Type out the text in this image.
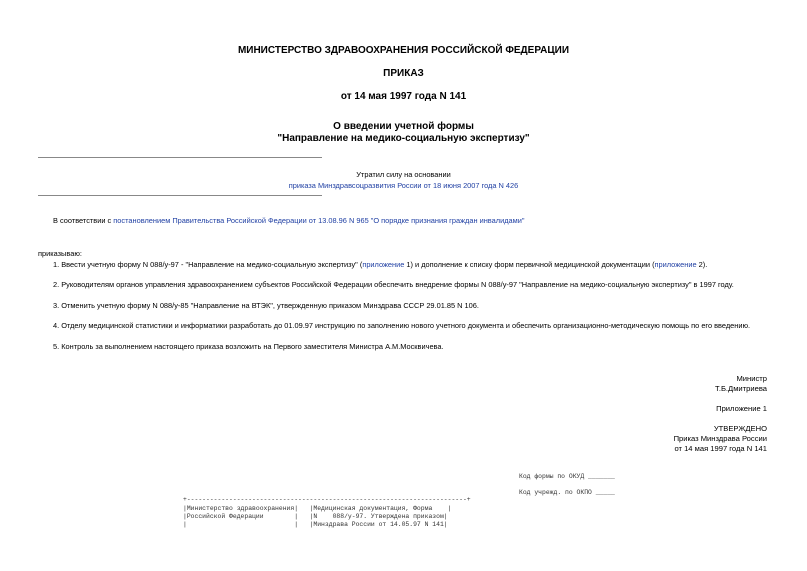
МИНИСТЕРСТВО ЗДРАВООХРАНЕНИЯ РОССИЙСКОЙ ФЕДЕРАЦИИ
ПРИКАЗ
от 14 мая 1997 года N 141
О введении учетной формы
"Направление на медико-социальную экспертизу"
Утратил силу на основании
приказа Минздравсоцразвития России от 18 июня 2007 года N 426
В соответствии с постановлением Правительства Российской Федерации от 13.08.96 N 965 "О порядке признания граждан инвалидами"
приказываю:
1. Ввести учетную форму N 088/у-97 - "Направление на медико-социальную экспертизу" (приложение 1) и дополнение к списку форм первичной медицинской документации (приложение 2).
2. Руководителям органов управления здравоохранением субъектов Российской Федерации обеспечить внедрение формы N 088/у-97 "Направление на медико-социальную экспертизу" в 1997 году.
3. Отменить учетную форму N 088/у-85 "Направление на ВТЭК", утвержденную приказом Минздрава СССР 29.01.85 N 106.
4. Отделу медицинской статистики и информатики разработать до 01.09.97 инструкцию по заполнению нового учетного документа и обеспечить организационно-методическую помощь по его введению.
5. Контроль за выполнением настоящего приказа возложить на Первого заместителя Министра А.М.Москвичева.
Министр
Т.Б.Дмитриева
Приложение 1
УТВЕРЖДЕНО
Приказ Минздрава России
от 14 мая 1997 года N 141
Код формы по ОКУД _______
Код учрежд. по ОКПО _____
+-------------------------------------------------------------------------+
|Министерство здравоохранения|   |Медицинская документация, Форма    |
|Российской Федерации        |   |N    088/у-97. Утверждена приказом|
|                            |   |Минздрава России от 14.05.97 N 141|
